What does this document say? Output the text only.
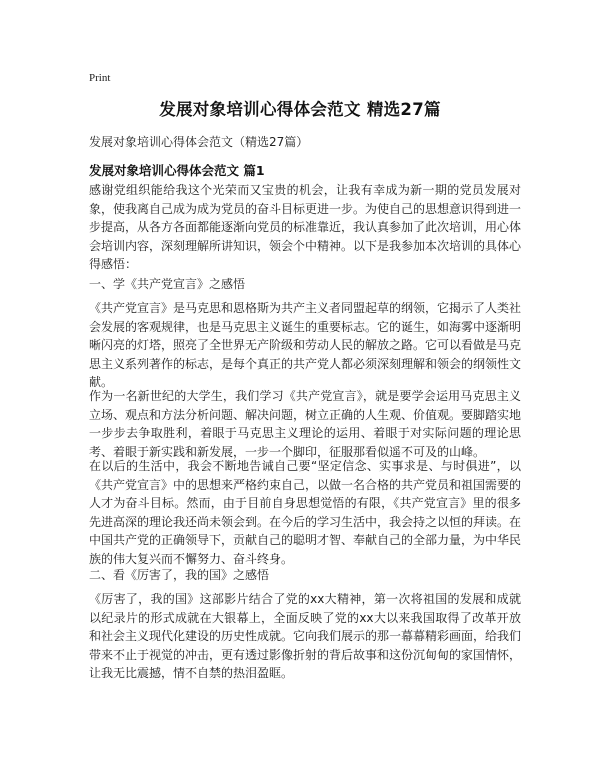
Print
发展对象培训心得体会范文 精选27篇
发展对象培训心得体会范文（精选27篇）
发展对象培训心得体会范文 篇1
感谢党组织能给我这个光荣而又宝贵的机会，让我有幸成为新一期的党员发展对象，使我离自己成为成为党员的奋斗目标更进一步。为使自己的思想意识得到进一步提高，从各方各面都能逐渐向党员的标准靠近，我认真参加了此次培训，用心体会培训内容，深刻理解所讲知识，领会个中精神。以下是我参加本次培训的具体心得感悟：
一、学《共产党宣言》之感悟
《共产党宣言》是马克思和恩格斯为共产主义者同盟起草的纲领，它揭示了人类社会发展的客观规律，也是马克思主义诞生的重要标志。它的诞生，如海雾中逐渐明晰闪亮的灯塔，照亮了全世界无产阶级和劳动人民的解放之路。它可以看做是马克思主义系列著作的标志，是每个真正的共产党人都必须深刻理解和领会的纲领性文献。
作为一名新世纪的大学生，我们学习《共产党宣言》，就是要学会运用马克思主义立场、观点和方法分析问题、解决问题，树立正确的人生观、价值观。要脚踏实地一步步去争取胜利，着眼于马克思主义理论的运用、着眼于对实际问题的理论思考、着眼于新实践和新发展，一步一个脚印，征服那看似遥不可及的山峰。
在以后的生活中，我会不断地告诫自己要“坚定信念、实事求是、与时俱进”，以《共产党宣言》中的思想来严格约束自己，以做一名合格的共产党员和祖国需要的人才为奋斗目标。然而，由于目前自身思想觉悟的有限，《共产党宣言》里的很多先进高深的理论我还尚未领会到。在今后的学习生活中，我会持之以恒的拜读。在中国共产党的正确领导下，贡献自己的聪明才智、奉献自己的全部力量，为中华民族的伟大复兴而不懈努力、奋斗终身。
二、看《厉害了，我的国》之感悟
《厉害了，我的国》这部影片结合了党的xx大精神，第一次将祖国的发展和成就以纪录片的形式成就在大银幕上，全面反映了党的xx大以来我国取得了改革开放和社会主义现代化建设的历史性成就。它向我们展示的那一幕幕精彩画面，给我们带来不止于视觉的冲击，更有透过影像折射的背后故事和这份沉甸甸的家国情怀，让我无比震撼，情不自禁的热泪盈眶。
